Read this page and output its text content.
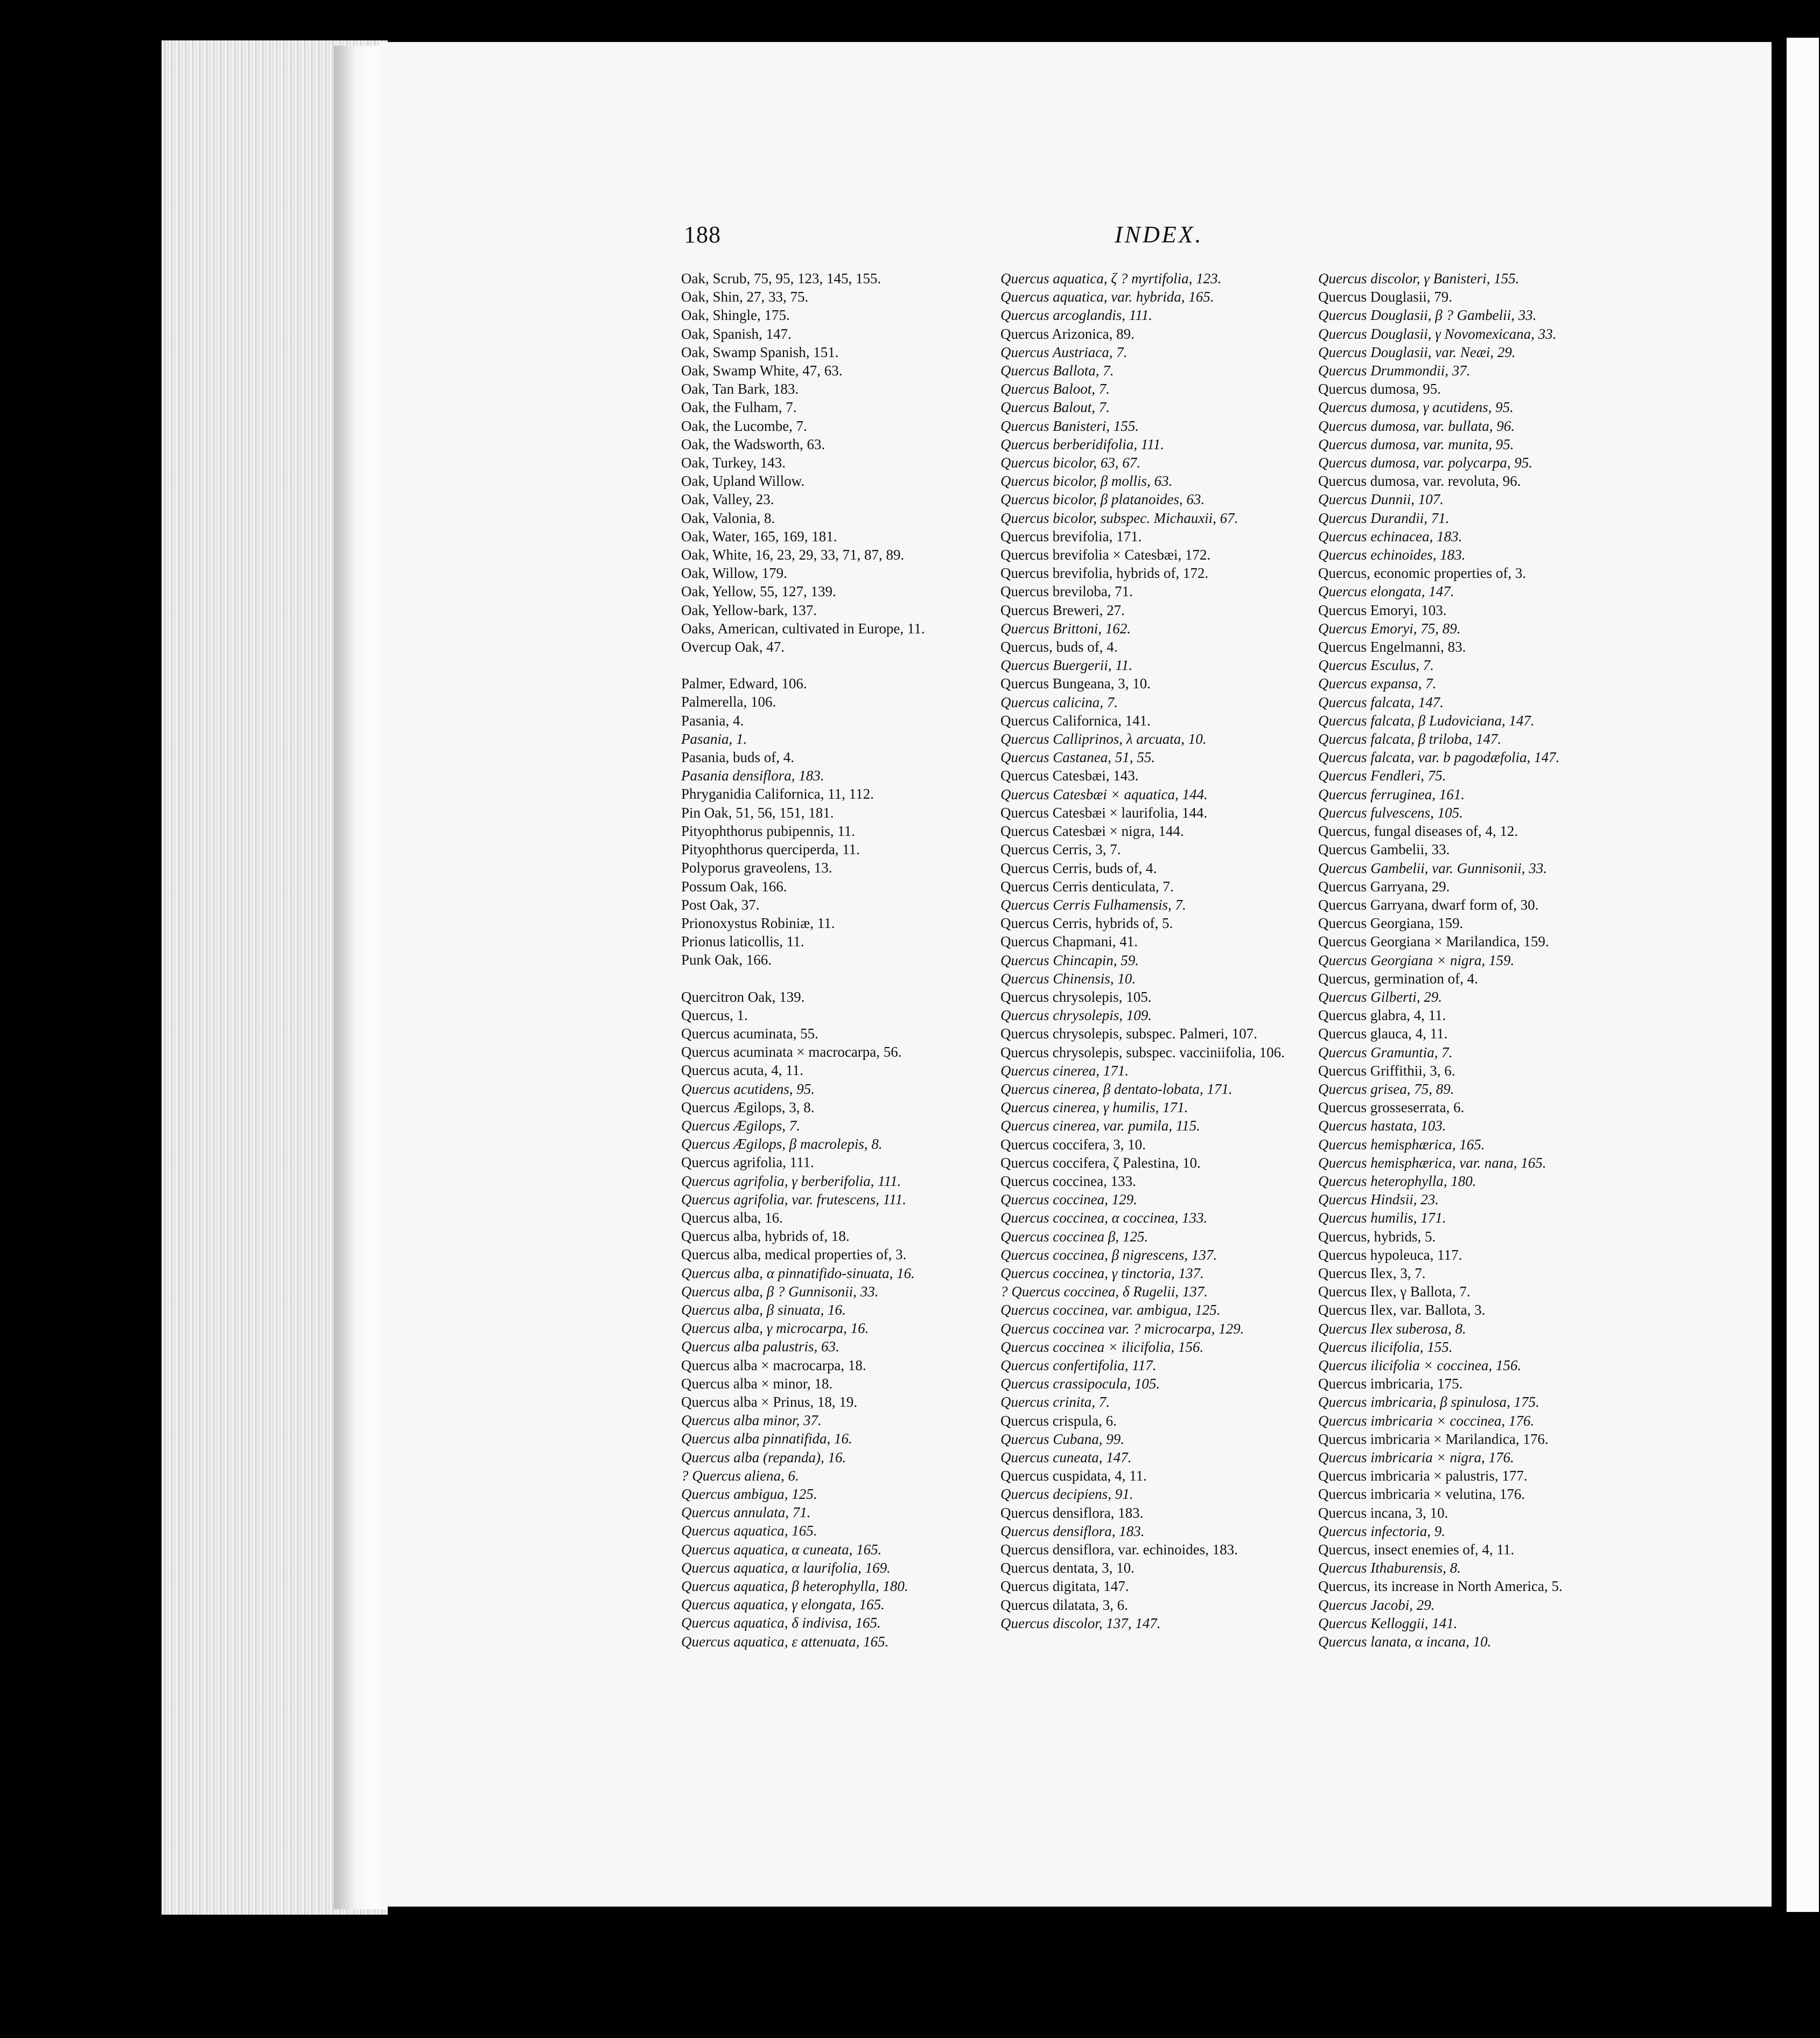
188	INDEX.
Oak, Scrub, 75, 95, 123, 145, 155.
Oak, Shin, 27, 33, 75.
Oak, Shingle, 175.
Oak, Spanish, 147.
Oak, Swamp Spanish, 151.
Oak, Swamp White, 47, 63.
Oak, Tan Bark, 183.
Oak, the Fulham, 7.
Oak, the Lucombe, 7.
Oak, the Wadsworth, 63.
Oak, Turkey, 143.
Oak, Upland Willow.
Oak, Valley, 23.
Oak, Valonia, 8.
Oak, Water, 165, 169, 181.
Oak, White, 16, 23, 29, 33, 71, 87, 89.
Oak, Willow, 179.
Oak, Yellow, 55, 127, 139.
Oak, Yellow-bark, 137.
Oaks, American, cultivated in Europe, 11.
Overcup Oak, 47.
Palmer, Edward, 106.
Palmerella, 106.
Pasania, 4.
Pasania, 1.
Pasania, buds of, 4.
Pasania densiflora, 183.
Phryganidia Californica, 11, 112.
Pin Oak, 51, 56, 151, 181.
Pityophthorus pubipennis, 11.
Pityophthorus querciperda, 11.
Polyporus graveolens, 13.
Possum Oak, 166.
Post Oak, 37.
Prionoxystus Robiniæ, 11.
Prionus laticollis, 11.
Punk Oak, 166.
Quercitron Oak, 139.
Quercus, 1.
Quercus acuminata, 55.
Quercus acuminata × macrocarpa, 56.
Quercus acuta, 4, 11.
Quercus acutidens, 95.
Quercus Ægilops, 3, 8.
Quercus Ægilops, 7.
Quercus Ægilops, β macrolepis, 8.
Quercus agrifolia, 111.
Quercus agrifolia, γ berberifolia, 111.
Quercus agrifolia, var. frutescens, 111.
Quercus alba, 16.
Quercus alba, hybrids of, 18.
Quercus alba, medical properties of, 3.
Quercus alba, α pinnatifido-sinuata, 16.
Quercus alba, β ? Gunnisonii, 33.
Quercus alba, β sinuata, 16.
Quercus alba, γ microcarpa, 16.
Quercus alba palustris, 63.
Quercus alba × macrocarpa, 18.
Quercus alba × minor, 18.
Quercus alba × Prinus, 18, 19.
Quercus alba minor, 37.
Quercus alba pinnatifida, 16.
Quercus alba (repanda), 16.
? Quercus aliena, 6.
Quercus ambigua, 125.
Quercus annulata, 71.
Quercus aquatica, 165.
Quercus aquatica, α cuneata, 165.
Quercus aquatica, α laurifolia, 169.
Quercus aquatica, β heterophylla, 180.
Quercus aquatica, γ elongata, 165.
Quercus aquatica, δ indivisa, 165.
Quercus aquatica, ε attenuata, 165.
Quercus aquatica, ζ ? myrtifolia, 123.
Quercus aquatica, var. hybrida, 165.
Quercus arcoglandis, 111.
Quercus Arizonica, 89.
Quercus Austriaca, 7.
Quercus Ballota, 7.
Quercus Baloot, 7.
Quercus Balout, 7.
Quercus Banisteri, 155.
Quercus berberidifolia, 111.
Quercus bicolor, 63, 67.
Quercus bicolor, β mollis, 63.
Quercus bicolor, β platanoides, 63.
Quercus bicolor, subspec. Michauxii, 67.
Quercus brevifolia, 171.
Quercus brevifolia × Catesbæi, 172.
Quercus brevifolia, hybrids of, 172.
Quercus breviloba, 71.
Quercus Breweri, 27.
Quercus Brittoni, 162.
Quercus, buds of, 4.
Quercus Buergerii, 11.
Quercus Bungeana, 3, 10.
Quercus calicina, 7.
Quercus Californica, 141.
Quercus Calliprinos, λ arcuata, 10.
Quercus Castanea, 51, 55.
Quercus Catesbæi, 143.
Quercus Catesbæi × aquatica, 144.
Quercus Catesbæi × laurifolia, 144.
Quercus Catesbæi × nigra, 144.
Quercus Cerris, 3, 7.
Quercus Cerris, buds of, 4.
Quercus Cerris denticulata, 7.
Quercus Cerris Fulhamensis, 7.
Quercus Cerris, hybrids of, 5.
Quercus Chapmani, 41.
Quercus Chincapin, 59.
Quercus Chinensis, 10.
Quercus chrysolepis, 105.
Quercus chrysolepis, 109.
Quercus chrysolepis, subspec. Palmeri, 107.
Quercus chrysolepis, subspec. vacciniifolia, 106.
Quercus cinerea, 171.
Quercus cinerea, β dentato-lobata, 171.
Quercus cinerea, γ humilis, 171.
Quercus cinerea, var. pumila, 115.
Quercus coccifera, 3, 10.
Quercus coccifera, ζ Palestina, 10.
Quercus coccinea, 133.
Quercus coccinea, 129.
Quercus coccinea, α coccinea, 133.
Quercus coccinea β, 125.
Quercus coccinea, β nigrescens, 137.
Quercus coccinea, γ tinctoria, 137.
? Quercus coccinea, δ Rugelii, 137.
Quercus coccinea, var. ambigua, 125.
Quercus coccinea var. ? microcarpa, 129.
Quercus coccinea × ilicifolia, 156.
Quercus confertifolia, 117.
Quercus crassipocula, 105.
Quercus crinita, 7.
Quercus crispula, 6.
Quercus Cubana, 99.
Quercus cuneata, 147.
Quercus cuspidata, 4, 11.
Quercus decipiens, 91.
Quercus densiflora, 183.
Quercus densiflora, 183.
Quercus densiflora, var. echinoides, 183.
Quercus dentata, 3, 10.
Quercus digitata, 147.
Quercus dilatata, 3, 6.
Quercus discolor, 137, 147.
Quercus discolor, γ Banisteri, 155.
Quercus Douglasii, 79.
Quercus Douglasii, β ? Gambelii, 33.
Quercus Douglasii, γ Novomexicana, 33.
Quercus Douglasii, var. Neæi, 29.
Quercus Drummondii, 37.
Quercus dumosa, 95.
Quercus dumosa, γ acutidens, 95.
Quercus dumosa, var. bullata, 96.
Quercus dumosa, var. munita, 95.
Quercus dumosa, var. polycarpa, 95.
Quercus dumosa, var. revoluta, 96.
Quercus Dunnii, 107.
Quercus Durandii, 71.
Quercus echinacea, 183.
Quercus echinoides, 183.
Quercus, economic properties of, 3.
Quercus elongata, 147.
Quercus Emoryi, 103.
Quercus Emoryi, 75, 89.
Quercus Engelmanni, 83.
Quercus Esculus, 7.
Quercus expansa, 7.
Quercus falcata, 147.
Quercus falcata, β Ludoviciana, 147.
Quercus falcata, β triloba, 147.
Quercus falcata, var. b pagodæfolia, 147.
Quercus Fendleri, 75.
Quercus ferruginea, 161.
Quercus fulvescens, 105.
Quercus, fungal diseases of, 4, 12.
Quercus Gambelii, 33.
Quercus Gambelii, var. Gunnisonii, 33.
Quercus Garryana, 29.
Quercus Garryana, dwarf form of, 30.
Quercus Georgiana, 159.
Quercus Georgiana × Marilandica, 159.
Quercus Georgiana × nigra, 159.
Quercus, germination of, 4.
Quercus Gilberti, 29.
Quercus glabra, 4, 11.
Quercus glauca, 4, 11.
Quercus Gramuntia, 7.
Quercus Griffithii, 3, 6.
Quercus grisea, 75, 89.
Quercus grosseserrata, 6.
Quercus hastata, 103.
Quercus hemisphærica, 165.
Quercus hemisphærica, var. nana, 165.
Quercus heterophylla, 180.
Quercus Hindsii, 23.
Quercus humilis, 171.
Quercus, hybrids, 5.
Quercus hypoleuca, 117.
Quercus Ilex, 3, 7.
Quercus Ilex, γ Ballota, 7.
Quercus Ilex, var. Ballota, 3.
Quercus Ilex suberosa, 8.
Quercus ilicifolia, 155.
Quercus ilicifolia × coccinea, 156.
Quercus imbricaria, 175.
Quercus imbricaria, β spinulosa, 175.
Quercus imbricaria × coccinea, 176.
Quercus imbricaria × Marilandica, 176.
Quercus imbricaria × nigra, 176.
Quercus imbricaria × palustris, 177.
Quercus imbricaria × velutina, 176.
Quercus incana, 3, 10.
Quercus infectoria, 9.
Quercus, insect enemies of, 4, 11.
Quercus Ithaburensis, 8.
Quercus, its increase in North America, 5.
Quercus Jacobi, 29.
Quercus Kelloggii, 141.
Quercus lanata, α incana, 10.
